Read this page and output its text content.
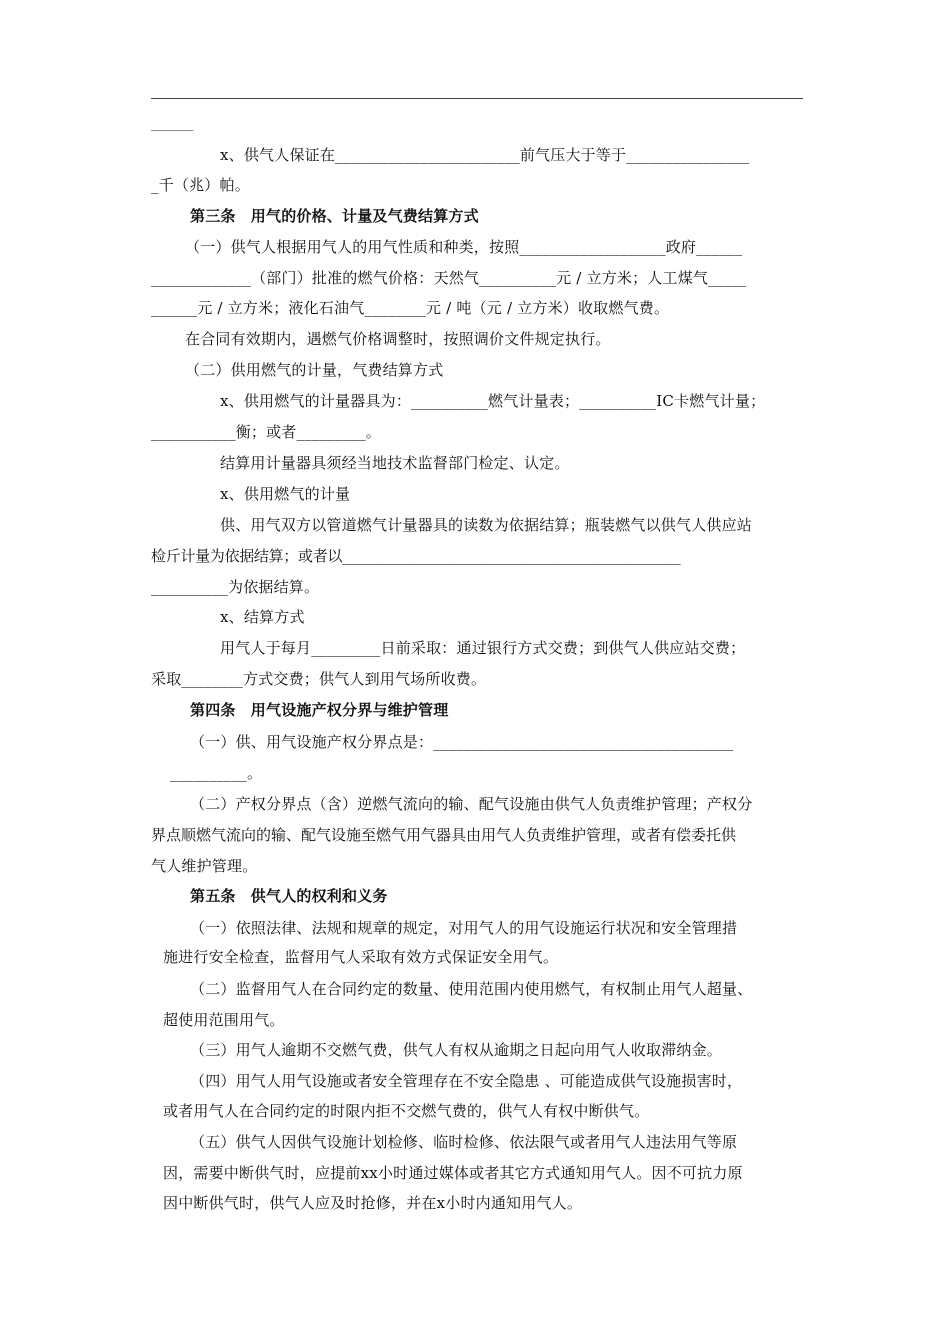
_______
x、供气人保证在________________________前气压大于等于________________
_千（兆）帕。
第三条　用气的价格、计量及气费结算方式
（一）供气人根据用气人的用气性质和种类，按照___________________政府______
_____________（部门）批准的燃气价格：天然气__________元 / 立方米；人工煤气_____
______元 / 立方米；液化石油气________元 / 吨（元 / 立方米）收取燃气费。
在合同有效期内，遇燃气价格调整时，按照调价文件规定执行。
（二）供用燃气的计量，气费结算方式
x、供用燃气的计量器具为：__________燃气计量表；__________IC卡燃气计量；
___________衡；或者_________。
结算用计量器具须经当地技术监督部门检定、认定。
x、供用燃气的计量
供、用气双方以管道燃气计量器具的读数为依据结算；瓶装燃气以供气人供应站
检斤计量为依据结算；或者以_______________________________________________
__________为依据结算。
x、结算方式
用气人于每月_________日前采取：通过银行方式交费；到供气人供应站交费；
采取________方式交费；供气人到用气场所收费。
第四条　用气设施产权分界与维护管理
（一）供、用气设施产权分界点是：_______________________________________
__________。
（二）产权分界点（含）逆燃气流向的输、配气设施由供气人负责维护管理；产权分
界点顺燃气流向的输、配气设施至燃气用气器具由用气人负责维护管理，或者有偿委托供
气人维护管理。
第五条　供气人的权利和义务
（一）依照法律、法规和规章的规定，对用气人的用气设施运行状况和安全管理措
施进行安全检查，监督用气人采取有效方式保证安全用气。
（二）监督用气人在合同约定的数量、使用范围内使用燃气，有权制止用气人超量、
超使用范围用气。
（三）用气人逾期不交燃气费，供气人有权从逾期之日起向用气人收取滞纳金。
（四）用气人用气设施或者安全管理存在不安全隐患 、可能造成供气设施损害时，
或者用气人在合同约定的时限内拒不交燃气费的，供气人有权中断供气。
（五）供气人因供气设施计划检修、临时检修、依法限气或者用气人违法用气等原
因，需要中断供气时，应提前xx小时通过媒体或者其它方式通知用气人。因不可抗力原
因中断供气时，供气人应及时抢修，并在x小时内通知用气人。
